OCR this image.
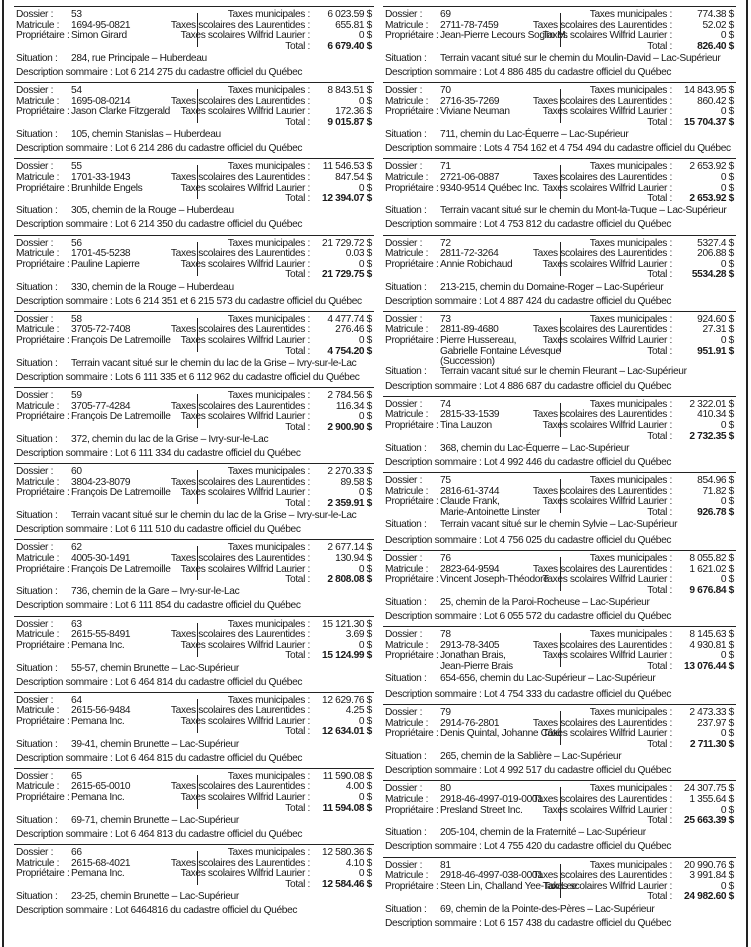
Dossier :	53
Matricule :	1694-95-0821
Propriétaire : Simon Girard
Taxes municipales :	6 023.59 $
Taxes scolaires des Laurentides :	655.81 $
Taxes scolaires Wilfrid Laurier :	0 $
Total :	6 679.40 $
Situation :	284, rue Principale – Huberdeau
Description sommaire : Lot 6 214 275 du cadastre officiel du Québec
Dossier :	54
Matricule :	1695-08-0214
Propriétaire : Jason Clarke Fitzgerald
Taxes municipales :	8 843.51 $
Taxes scolaires des Laurentides :	0 $
Taxes scolaires Wilfrid Laurier :	172.36 $
Total :	9 015.87 $
Situation :	105, chemin Stanislas – Huberdeau
Description sommaire : Lot 6 214 286 du cadastre officiel du Québec
Dossier :	55
Matricule :	1701-33-1943
Propriétaire : Brunhilde Engels
Taxes municipales :	11 546.53 $
Taxes scolaires des Laurentides :	847.54 $
Taxes scolaires Wilfrid Laurier :	0 $
Total :	12 394.07 $
Situation :	305, chemin de la Rouge – Huberdeau
Description sommaire : Lot 6 214 350 du cadastre officiel du Québec
Dossier :	56
Matricule :	1701-45-5238
Propriétaire : Pauline Lapierre
Taxes municipales :	21 729.72 $
Taxes scolaires des Laurentides :	0.03 $
Taxes scolaires Wilfrid Laurier :	0 $
Total :	21 729.75 $
Situation :	330, chemin de la Rouge – Huberdeau
Description sommaire : Lots 6 214 351 et 6 215 573 du cadastre officiel du Québec
Dossier :	58
Matricule :	3705-72-7408
Propriétaire : François De Latremoille
Taxes municipales :	4 477.74 $
Taxes scolaires des Laurentides :	276.46 $
Taxes scolaires Wilfrid Laurier :	0 $
Total :	4 754.20 $
Situation :	Terrain vacant situé sur le chemin du lac de la Grise – Ivry-sur-le-Lac
Description sommaire : Lots 6 111 335 et 6 112 962 du cadastre officiel du Québec
Dossier :	59
Matricule :	3705-77-4284
Propriétaire : François De Latremoille
Taxes municipales :	2 784.56 $
Taxes scolaires des Laurentides :	116.34 $
Taxes scolaires Wilfrid Laurier :	0 $
Total :	2 900.90 $
Situation :	372, chemin du lac de la Grise – Ivry-sur-le-Lac
Description sommaire : Lot 6 111 334 du cadastre officiel du Québec
Dossier :	60
Matricule :	3804-23-8079
Propriétaire : François De Latremoille
Taxes municipales :	2 270.33 $
Taxes scolaires des Laurentides :	89.58 $
Taxes scolaires Wilfrid Laurier :	0 $
Total :	2 359.91 $
Situation :	Terrain vacant situé sur le chemin du lac de la Grise – Ivry-sur-le-Lac
Description sommaire : Lot 6 111 510 du cadastre officiel du Québec
Dossier :	62
Matricule :	4005-30-1491
Propriétaire : François De Latremoille
Taxes municipales :	2 677.14 $
Taxes scolaires des Laurentides :	130.94 $
Taxes scolaires Wilfrid Laurier :	0 $
Total :	2 808.08 $
Situation :	736, chemin de la Gare – Ivry-sur-le-Lac
Description sommaire : Lot 6 111 854 du cadastre officiel du Québec
Dossier :	63
Matricule :	2615-55-8491
Propriétaire : Pemana Inc.
Taxes municipales :	15 121.30 $
Taxes scolaires des Laurentides :	3.69 $
Taxes scolaires Wilfrid Laurier :	0 $
Total :	15 124.99 $
Situation :	55-57, chemin Brunette – Lac-Supérieur
Description sommaire : Lot 6 464 814 du cadastre officiel du Québec
Dossier :	64
Matricule :	2615-56-9484
Propriétaire : Pemana Inc.
Taxes municipales :	12 629.76 $
Taxes scolaires des Laurentides :	4.25 $
Taxes scolaires Wilfrid Laurier :	0 $
Total :	12 634.01 $
Situation :	39-41, chemin Brunette – Lac-Supérieur
Description sommaire : Lot 6 464 815 du cadastre officiel du Québec
Dossier :	65
Matricule :	2615-65-0010
Propriétaire : Pemana Inc.
Taxes municipales :	11 590.08 $
Taxes scolaires des Laurentides :	4.00 $
Taxes scolaires Wilfrid Laurier :	0 $
Total :	11 594.08 $
Situation :	69-71, chemin Brunette – Lac-Supérieur
Description sommaire : Lot 6 464 813 du cadastre officiel du Québec
Dossier :	66
Matricule :	2615-68-4021
Propriétaire : Pemana Inc.
Taxes municipales :	12 580.36 $
Taxes scolaires des Laurentides :	4.10 $
Taxes scolaires Wilfrid Laurier :	0 $
Total :	12 584.46 $
Situation :	23-25, chemin Brunette – Lac-Supérieur
Description sommaire : Lot 6464816 du cadastre officiel du Québec
Dossier :	69
Matricule :	2711-78-7459
Propriétaire : Jean-Pierre Lecours Sogim M.
Taxes municipales :	774.38 $
Taxes scolaires des Laurentides :	52.02 $
Taxes scolaires Wilfrid Laurier :	0 $
Total :	826.40 $
Situation :	Terrain vacant situé sur le chemin du Moulin-David – Lac-Supérieur
Description sommaire : Lot 4 886 485 du cadastre officiel du Québec
Dossier :	70
Matricule :	2716-35-7269
Propriétaire : Viviane Neuman
Taxes municipales :	14 843.95 $
Taxes scolaires des Laurentides :	860.42 $
Taxes scolaires Wilfrid Laurier :	0 $
Total :	15 704.37 $
Situation :	711, chemin du Lac-Équerre – Lac-Supérieur
Description sommaire : Lots 4 754 162 et 4 754 494 du cadastre officiel du Québec
Dossier :	71
Matricule :	2721-06-0887
Propriétaire : 9340-9514 Québec Inc.
Taxes municipales :	2 653.92 $
Taxes scolaires des Laurentides :	0 $
Taxes scolaires Wilfrid Laurier :	0 $
Total :	2 653.92 $
Situation :	Terrain vacant situé sur le chemin du Mont-la-Tuque – Lac-Supérieur
Description sommaire : Lot 4 753 812 du cadastre officiel du Québec
Dossier :	72
Matricule :	2811-72-3264
Propriétaire : Annie Robichaud
Taxes municipales :	5327.4 $
Taxes scolaires des Laurentides :	206.88 $
Taxes scolaires Wilfrid Laurier :	0 $
Total :	5534.28 $
Situation :	213-215, chemin du Domaine-Roger – Lac-Supérieur
Description sommaire : Lot 4 887 424 du cadastre officiel du Québec
Dossier :	73
Matricule :	2811-89-4680
Propriétaire : Pierre Hussereau,
Gabrielle Fontaine Lévesque
(Succession)
Taxes municipales :	924.60 $
Taxes scolaires des Laurentides :	27.31 $
Taxes scolaires Wilfrid Laurier :	0 $
Total :	951.91 $
Situation :	Terrain vacant situé sur le chemin Fleurant – Lac-Supérieur
Description sommaire : Lot 4 886 687 du cadastre officiel du Québec
Dossier :	74
Matricule :	2815-33-1539
Propriétaire : Tina Lauzon
Taxes municipales :	2 322.01 $
Taxes scolaires des Laurentides :	410.34 $
Taxes scolaires Wilfrid Laurier :	0 $
Total :	2 732.35 $
Situation :	368, chemin du Lac-Équerre – Lac-Supérieur
Description sommaire : Lot 4 992 446 du cadastre officiel du Québec
Dossier :	75
Matricule :	2816-61-3744
Propriétaire : Claude Frank,
Marie-Antoinette Linster
Taxes municipales :	854.96 $
Taxes scolaires des Laurentides :	71.82 $
Taxes scolaires Wilfrid Laurier :	0 $
Total :	926.78 $
Situation :	Terrain vacant situé sur le chemin Sylvie – Lac-Supérieur
Description sommaire : Lot 4 756 025 du cadastre officiel du Québec
Dossier :	76
Matricule :	2823-64-9594
Propriétaire : Vincent Joseph-Théodore
Taxes municipales :	8 055.82 $
Taxes scolaires des Laurentides :	1 621.02 $
Taxes scolaires Wilfrid Laurier :	0 $
Total :	9 676.84 $
Situation :	25, chemin de la Paroi-Rocheuse – Lac-Supérieur
Description sommaire : Lot 6 055 572 du cadastre officiel du Québec
Dossier :	78
Matricule :	2913-78-3405
Propriétaire : Jonathan Brais,
Jean-Pierre Brais
Taxes municipales :	8 145.63 $
Taxes scolaires des Laurentides :	4 930.81 $
Taxes scolaires Wilfrid Laurier :	0 $
Total :	13 076.44 $
Situation :	654-656, chemin du Lac-Supérieur – Lac-Supérieur
Description sommaire : Lot 4 754 333 du cadastre officiel du Québec
Dossier :	79
Matricule :	2914-76-2801
Propriétaire : Denis Quintal, Johanne Côté
Taxes municipales :	2 473.33 $
Taxes scolaires des Laurentides :	237.97 $
Taxes scolaires Wilfrid Laurier :	0 $
Total :	2 711.30 $
Situation :	265, chemin de la Sablière – Lac-Supérieur
Description sommaire : Lot 4 992 517 du cadastre officiel du Québec
Dossier :	80
Matricule :	2918-46-4997-019-0001
Propriétaire : Presland Street Inc.
Taxes municipales :	24 307.75 $
Taxes scolaires des Laurentides :	1 355.64 $
Taxes scolaires Wilfrid Laurier :	0 $
Total :	25 663.39 $
Situation :	205-104, chemin de la Fraternité – Lac-Supérieur
Description sommaire : Lot 4 755 420 du cadastre officiel du Québec
Dossier :	81
Matricule :	2918-46-4997-038-0001
Propriétaire : Steen Lin, Challand Yee-Tak Lee
Taxes municipales :	20 990.76 $
Taxes scolaires des Laurentides :	3 991.84 $
Taxes scolaires Wilfrid Laurier :	0 $
Total :	24 982.60 $
Situation :	69, chemin de la Pointe-des-Pères – Lac-Supérieur
Description sommaire : Lot 6 157 438 du cadastre officiel du Québec
